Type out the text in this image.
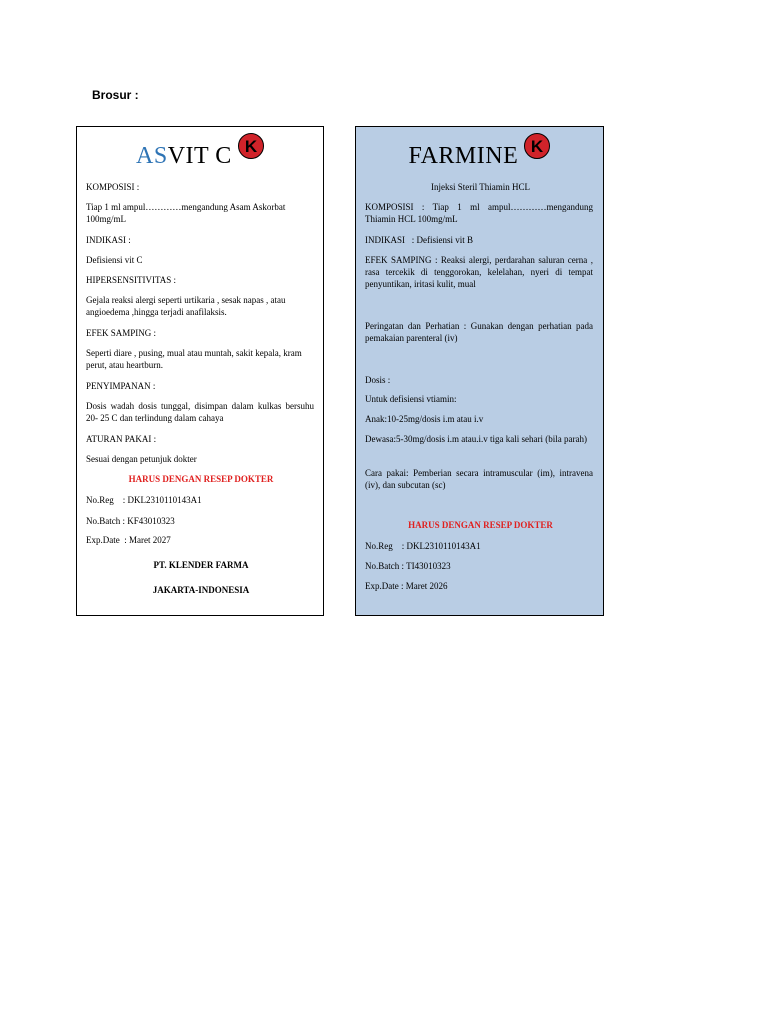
Brosur :
ASVIT C K
KOMPOSISI :
Tiap 1 ml ampul…………mengandung Asam Askorbat 100mg/mL
INDIKASI :
Defisiensi vit C
HIPERSENSITIVITAS :
Gejala reaksi alergi seperti urtikaria , sesak napas , atau angioedema ,hingga terjadi anafilaksis.
EFEK SAMPING :
Seperti diare , pusing, mual atau muntah, sakit kepala, kram perut, atau heartburn.
PENYIMPANAN :
Dosis wadah dosis tunggal, disimpan dalam kulkas bersuhu 20- 25 C dan terlindung dalam cahaya
ATURAN PAKAI :
Sesuai dengan petunjuk dokter
HARUS DENGAN RESEP DOKTER
No.Reg    : DKL2310110143A1
No.Batch : KF43010323
Exp.Date  : Maret 2027
PT. KLENDER FARMA
JAKARTA-INDONESIA
FARMINE K
Injeksi Steril Thiamin HCL
KOMPOSISI : Tiap 1 ml ampul…………mengandung Thiamin HCL 100mg/mL
INDIKASI   : Defisiensi vit B
EFEK SAMPING : Reaksi alergi, perdarahan saluran cerna , rasa tercekik di tenggorokan, kelelahan, nyeri di tempat penyuntikan, iritasi kulit, mual
Peringatan dan Perhatian : Gunakan dengan perhatian pada pemakaian parenteral (iv)
Dosis :
Untuk defisiensi vtiamin:
Anak:10-25mg/dosis i.m atau i.v
Dewasa:5-30mg/dosis i.m atau.i.v tiga kali sehari (bila parah)
Cara pakai: Pemberian secara intramuscular (im), intravena (iv), dan subcutan (sc)
HARUS DENGAN RESEP DOKTER
No.Reg    : DKL2310110143A1
No.Batch : TI43010323
Exp.Date : Maret 2026
